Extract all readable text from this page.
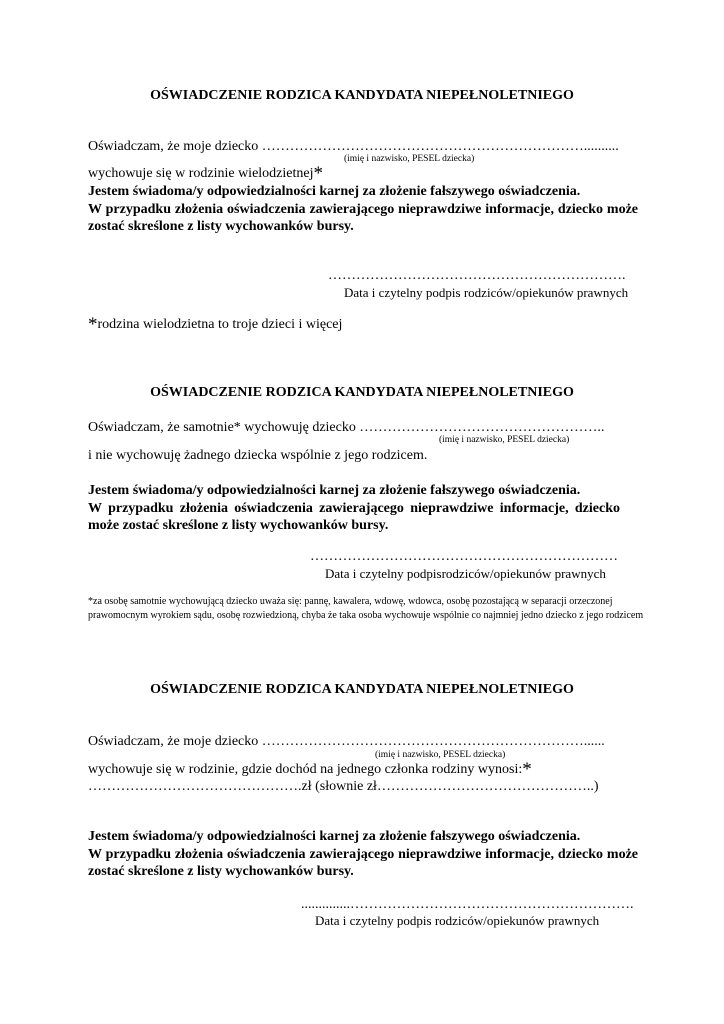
OŚWIADCZENIE RODZICA KANDYDATA NIEPEŁNOLETNIEGO
Oświadczam, że moje dziecko ……………………………………………………………..........
(imię i nazwisko, PESEL dziecka)
wychowuje się w rodzinie wielodzietnej*
Jestem świadoma/y odpowiedzialności karnej za złożenie fałszywego oświadczenia.
W przypadku złożenia oświadczenia zawierającego nieprawdziwe informacje, dziecko może zostać skreślone z listy wychowanków bursy.
……………………………………………………….
Data i czytelny podpis rodziców/opiekunów prawnych
*rodzina wielodzietna to troje dzieci i więcej
OŚWIADCZENIE RODZICA KANDYDATA NIEPEŁNOLETNIEGO
Oświadczam, że samotnie* wychowuję dziecko ……………………………………………..
(imię i nazwisko, PESEL dziecka)
i nie wychowuję żadnego dziecka wspólnie z jego rodzicem.
Jestem świadoma/y odpowiedzialności karnej za złożenie fałszywego oświadczenia.
W przypadku złożenia oświadczenia zawierającego nieprawdziwe informacje, dziecko może zostać skreślone z listy wychowanków bursy.
…………………………………………………………
Data i czytelny podpisrodziców/opiekunów prawnych
*za osobę samotnie wychowującą dziecko uważa się: pannę, kawalera, wdowę, wdowca, osobę pozostającą w separacji orzeczonej prawomocnym wyrokiem sądu, osobę rozwiedzioną, chyba że taka osoba wychowuje wspólnie co najmniej jedno dziecko z jego rodzicem
OŚWIADCZENIE RODZICA KANDYDATA NIEPEŁNOLETNIEGO
Oświadczam, że moje dziecko ……………………………………………………………......
(imię i nazwisko, PESEL dziecka)
wychowuje się w rodzinie, gdzie dochód na jednego członka rodziny wynosi:*
……………………………………….zł (słownie zł………………………………………..)
Jestem świadoma/y odpowiedzialności karnej za złożenie fałszywego oświadczenia.
W przypadku złożenia oświadczenia zawierającego nieprawdziwe informacje, dziecko może zostać skreślone z listy wychowanków bursy.
..............…………………………………………………….
Data i czytelny podpis rodziców/opiekunów prawnych
